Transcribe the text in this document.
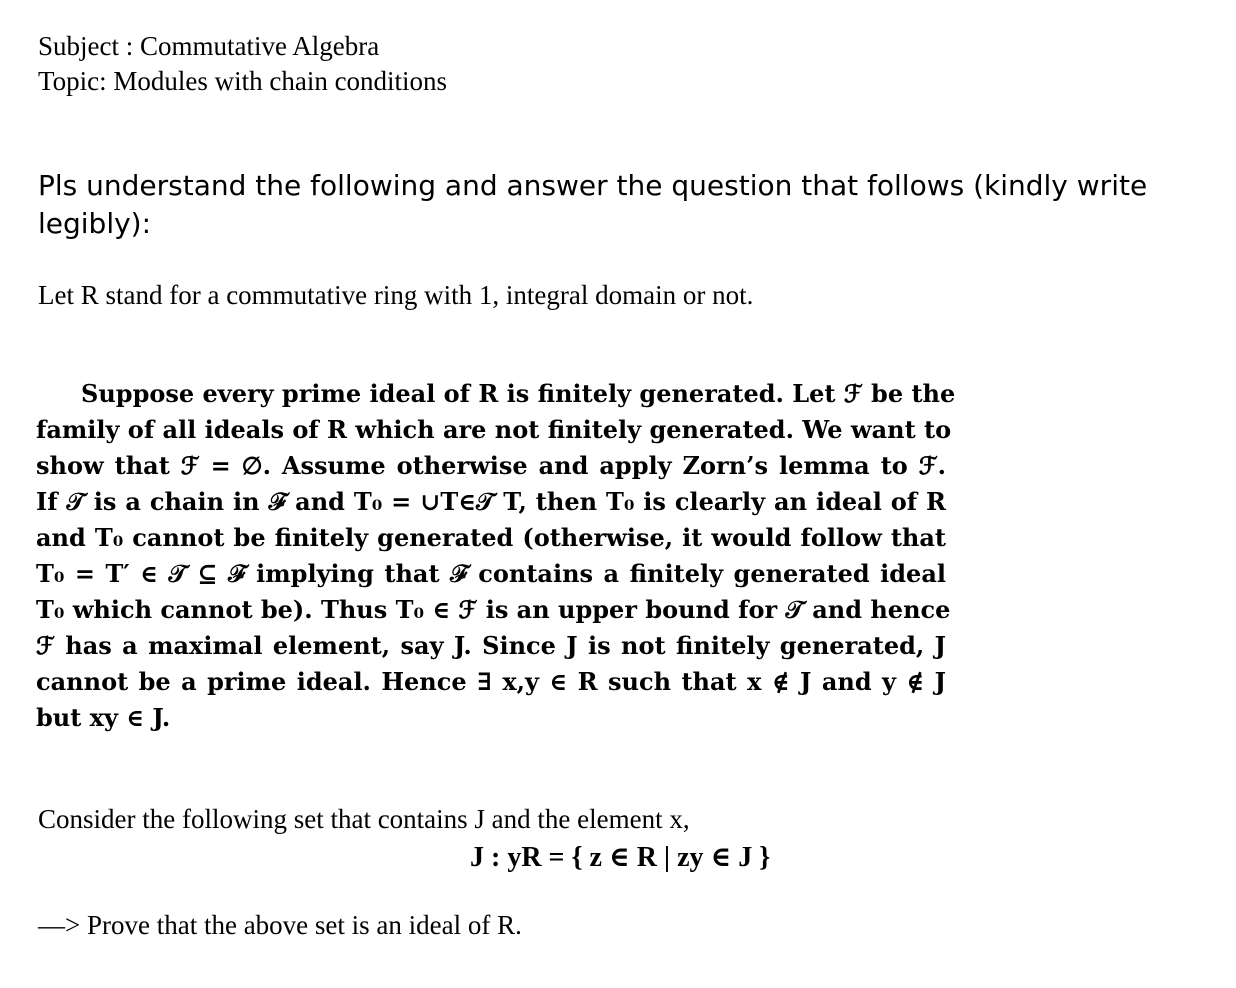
Subject : Commutative Algebra
Topic: Modules with chain conditions
Pls understand the following and answer the question that follows (kindly write
legibly):
Let R stand for a commutative ring with 1, integral domain or not.
Suppose every prime ideal of R is finitely generated. Let ℱ be the
family of all ideals of R which are not finitely generated. We want to
show that ℱ = ∅. Assume otherwise and apply Zorn’s lemma to ℱ.
If 𝒯 is a chain in ℱ and T₀ = ∪T∈𝒯 T, then T₀ is clearly an ideal of R
and T₀ cannot be finitely generated (otherwise, it would follow that
T₀ = T′ ∈ 𝒯 ⊆ ℱ implying that ℱ contains a finitely generated ideal
T₀ which cannot be). Thus T₀ ∈ ℱ is an upper bound for 𝒯 and hence
ℱ has a maximal element, say J. Since J is not finitely generated, J
cannot be a prime ideal. Hence ∃ x,y ∈ R such that x ∉ J and y ∉ J
but xy ∈ J.
Consider the following set that contains J and the element x,
J : yR = { z ∈ R | zy ∈ J }
—> Prove that the above set is an ideal of R.
